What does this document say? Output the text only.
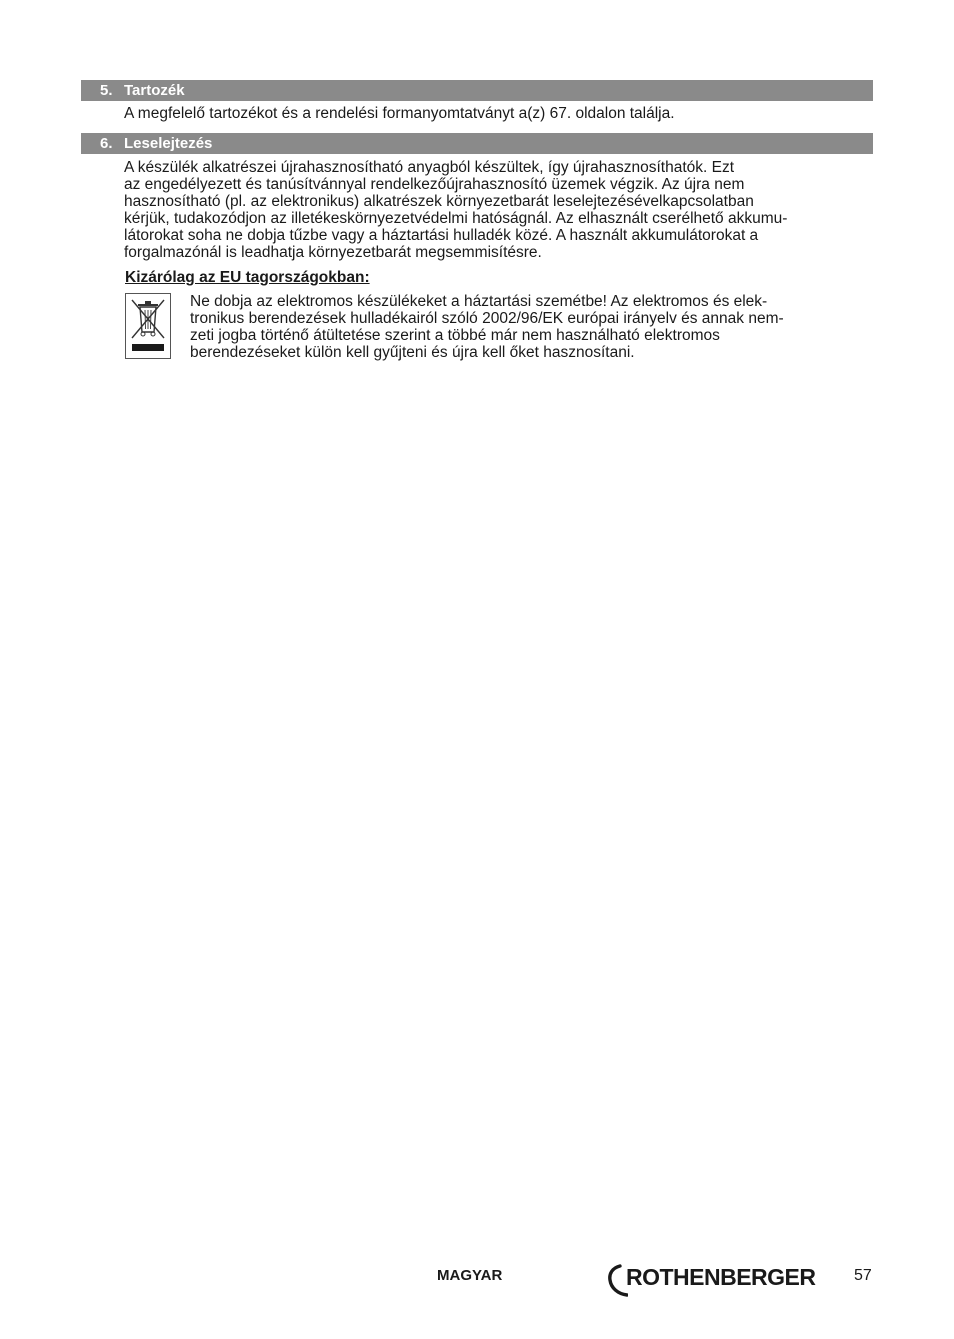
5. Tartozék
A megfelelő tartozékot és a rendelési formanyomtatványt a(z) 67. oldalon találja.
6. Leselejtezés
A készülék alkatrészei újrahasznosítható anyagból készültek, így újrahasznosíthatók. Ezt
az engedélyezett és tanúsítvánnyal rendelkezőújrahasznosító üzemek végzik. Az újra nem
hasznosítható (pl. az elektronikus) alkatrészek környezetbarát leselejtezésévelkapcsolatban
kérjük, tudakozódjon az illetékeskörnyezetvédelmi hatóságnál. Az elhasznált cserélhető akkumu-
látorokat soha ne dobja tűzbe vagy a háztartási hulladék közé. A használt akkumulátorokat a
forgalmazónál is leadhatja környezetbarát megsemmisítésre.
Kizárólag az EU tagországokban:
Ne dobja az elektromos készülékeket a háztartási szemétbe! Az elektromos és elek-
tronikus berendezések hulladékairól szóló 2002/96/EK európai irányelv és annak nem-
zeti jogba történő átültetése szerint a többé már nem használható elektromos
berendezéseket külön kell gyűjteni és újra kell őket hasznosítani.
MAGYAR	ROTHENBERGER 57
